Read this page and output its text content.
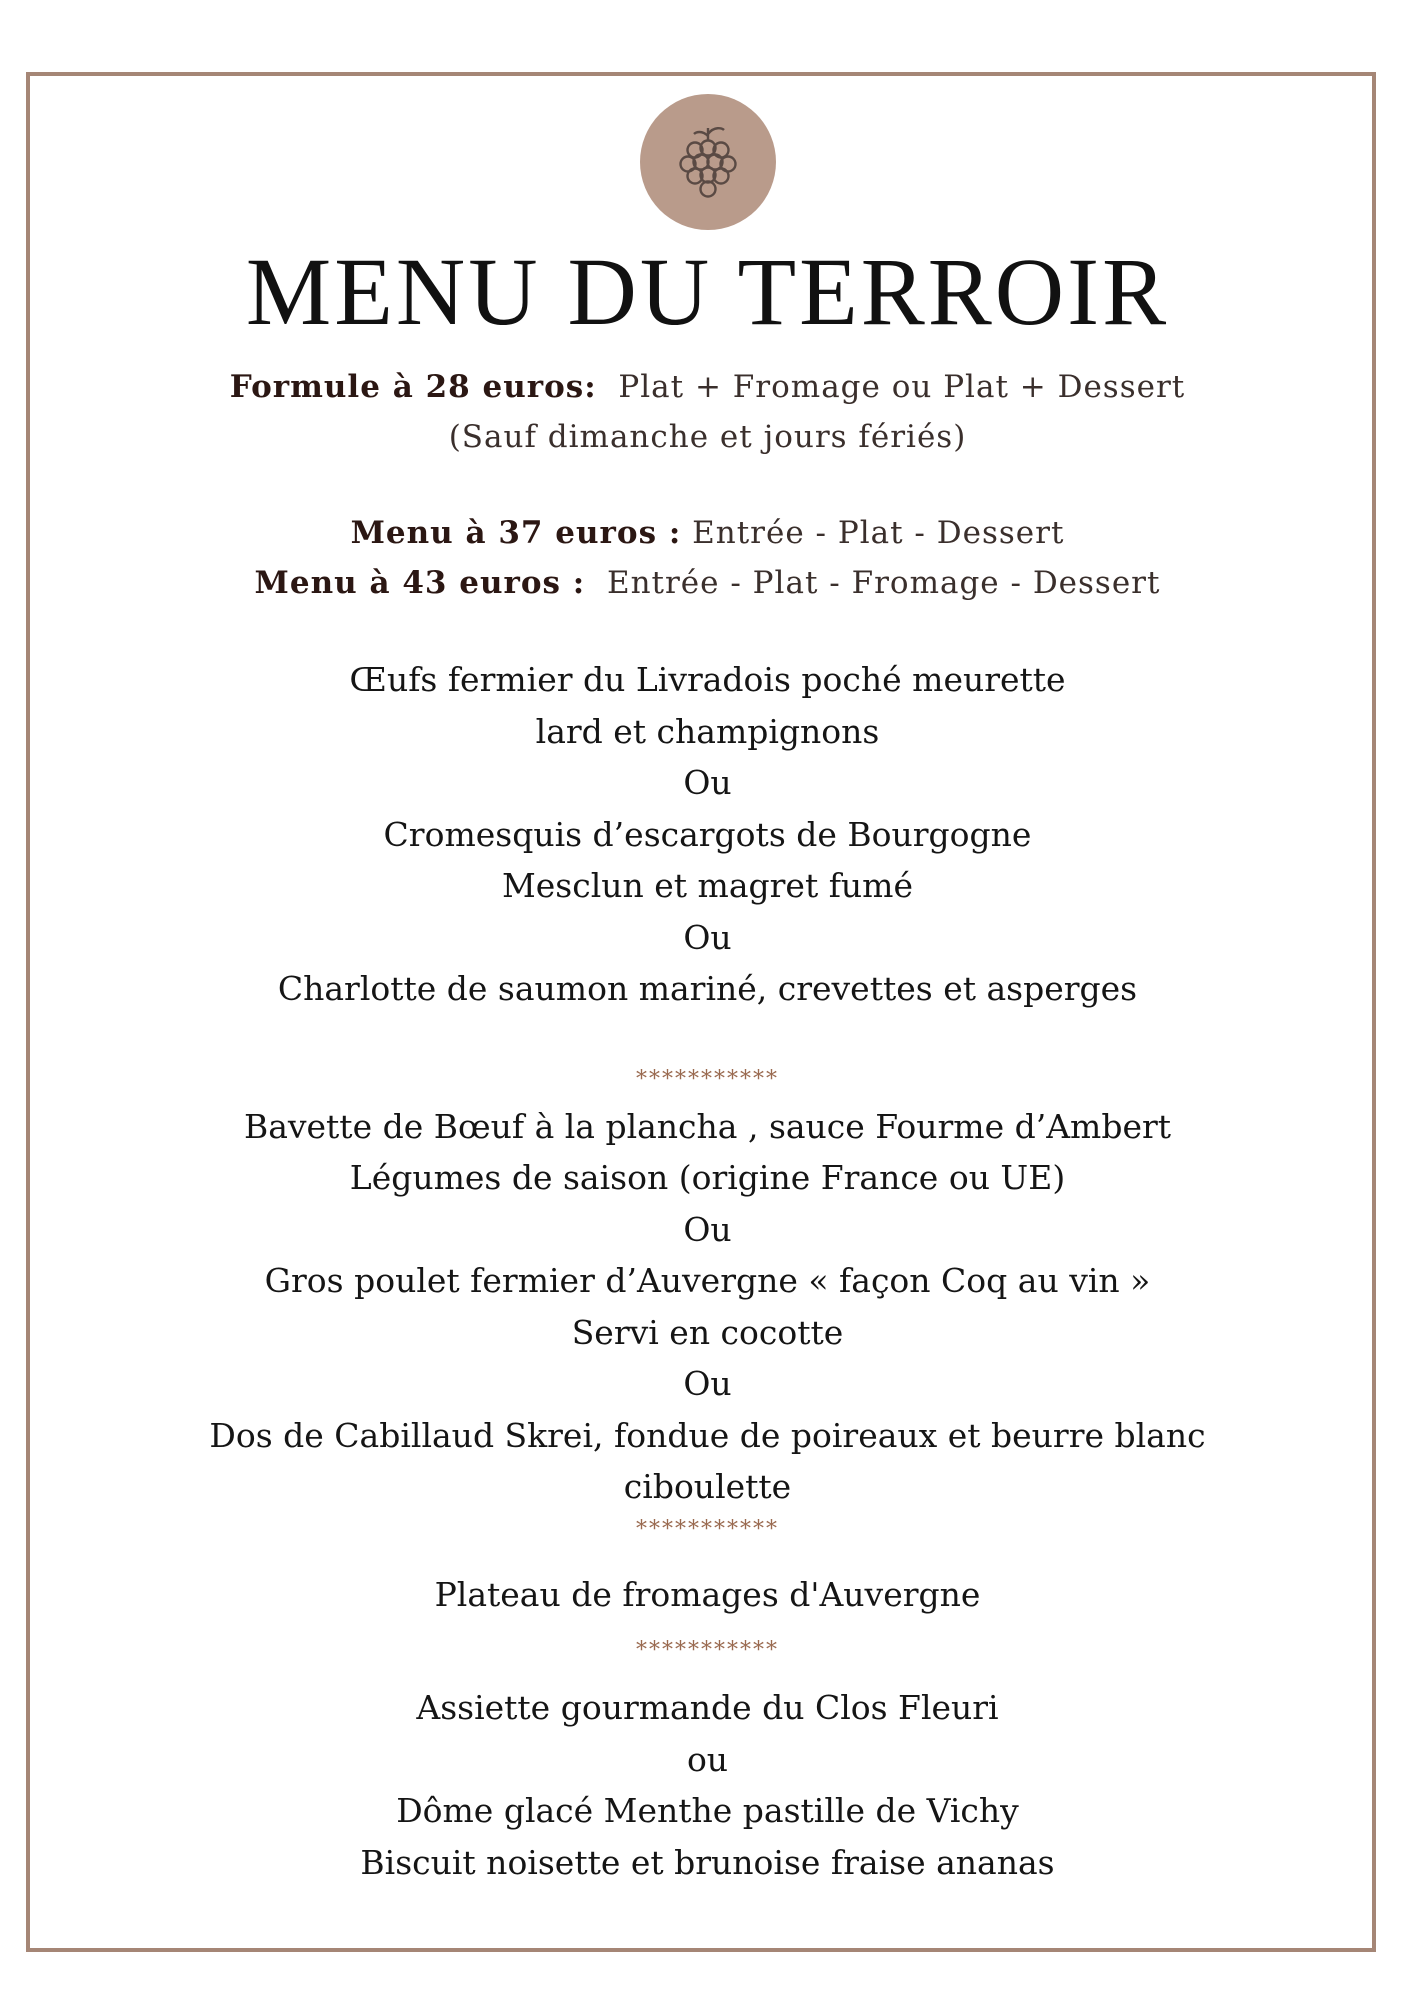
MENU DU TERROIR
Formule à 28 euros: Plat + Fromage ou Plat + Dessert
(Sauf dimanche et jours fériés)
Menu à 37 euros : Entrée - Plat - Dessert
Menu à 43 euros : Entrée - Plat - Fromage - Dessert
Œufs fermier du Livradois poché meurette
lard et champignons
Ou
Cromesquis d’escargots de Bourgogne
Mesclun et magret fumé
Ou
Charlotte de saumon mariné, crevettes et asperges
***********
Bavette de Bœuf à la plancha , sauce Fourme d’Ambert
Légumes de saison (origine France ou UE)
Ou
Gros poulet fermier d’Auvergne « façon Coq au vin »
Servi en cocotte
Ou
Dos de Cabillaud Skrei, fondue de poireaux et beurre blanc
ciboulette
***********
Plateau de fromages d'Auvergne
***********
Assiette gourmande du Clos Fleuri
ou
Dôme glacé Menthe pastille de Vichy
Biscuit noisette et brunoise fraise ananas
